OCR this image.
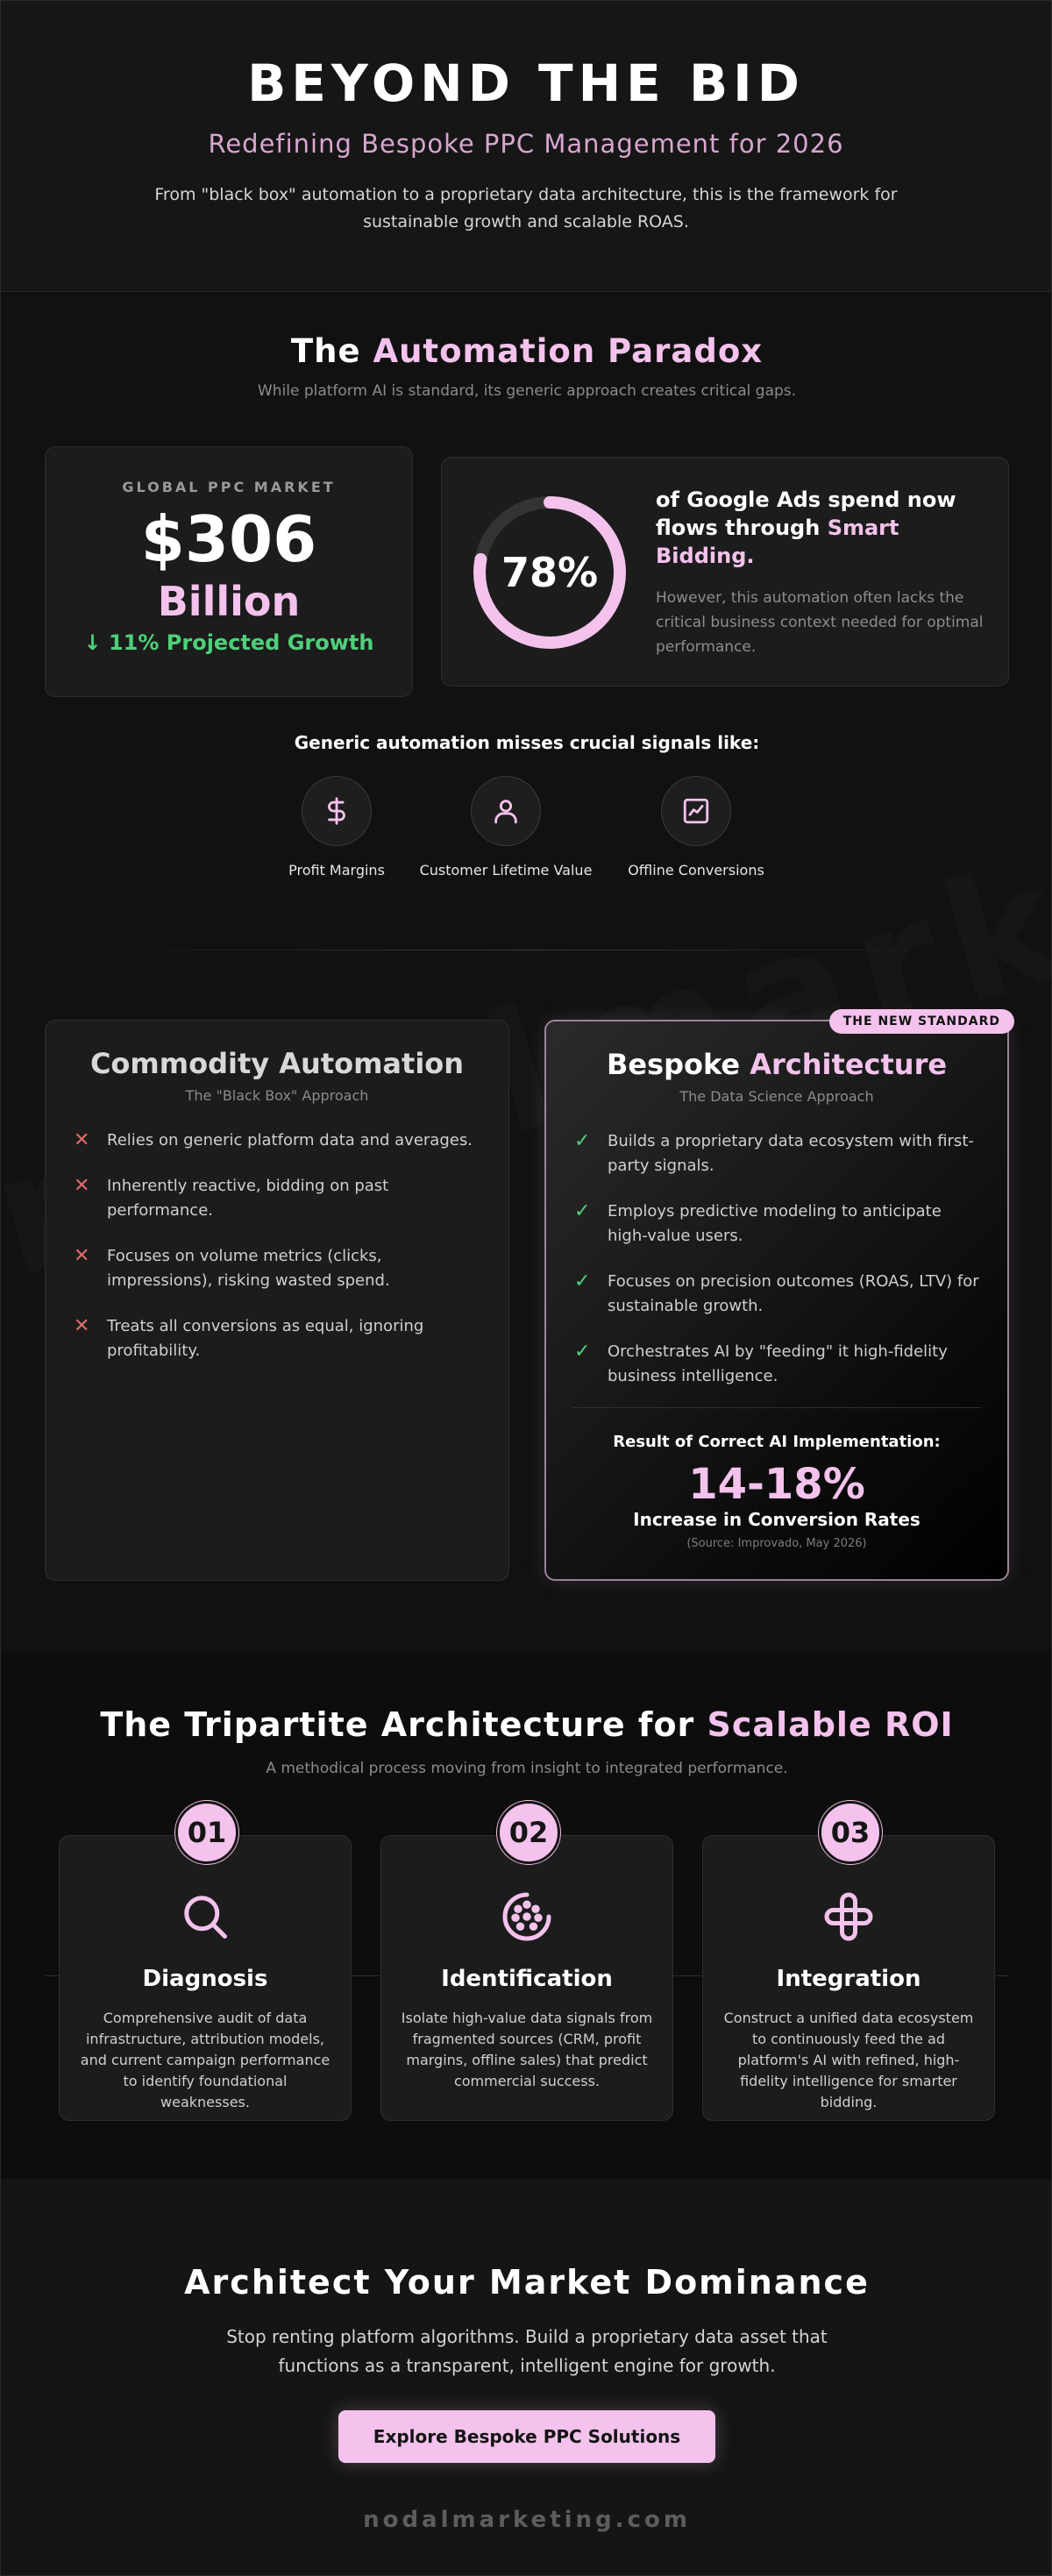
BEYOND THE BID
Redefining Bespoke PPC Management for 2026
From "black box" automation to a proprietary data architecture, this is the framework for sustainable growth and scalable ROAS.
The Automation Paradox
While platform AI is standard, its generic approach creates critical gaps.
GLOBAL PPC MARKET
$306
Billion
↓ 11% Projected Growth
78%
of Google Ads spend now flows through Smart Bidding.
However, this automation often lacks the critical business context needed for optimal performance.
Generic automation misses crucial signals like:
Profit Margins	Customer Lifetime Value	Offline Conversions
Commodity Automation
The "Black Box" Approach
✕	Relies on generic platform data and averages.
✕	Inherently reactive, bidding on past performance.
✕	Focuses on volume metrics (clicks, impressions), risking wasted spend.
✕	Treats all conversions as equal, ignoring profitability.
THE NEW STANDARD
Bespoke Architecture
The Data Science Approach
✓	Builds a proprietary data ecosystem with first-party signals.
✓	Employs predictive modeling to anticipate high-value users.
✓	Focuses on precision outcomes (ROAS, LTV) for sustainable growth.
✓	Orchestrates AI by "feeding" it high-fidelity business intelligence.
Result of Correct AI Implementation:
14-18%
Increase in Conversion Rates
(Source: Improvado, May 2026)
The Tripartite Architecture for Scalable ROI
A methodical process moving from insight to integrated performance.
01
Diagnosis

Comprehensive audit of data infrastructure, attribution models, and current campaign performance to identify foundational weaknesses.

02
Identification

Isolate high-value data signals from fragmented sources (CRM, profit margins, offline sales) that predict commercial success.

03
Integration

Construct a unified data ecosystem to continuously feed the ad platform's AI with refined, high-fidelity intelligence for smarter bidding.

Architect Your Market Dominance

Stop renting platform algorithms. Build a proprietary data asset that functions as a transparent, intelligent engine for growth.

Explore Bespoke PPC Solutions
nodalmarketing.com
